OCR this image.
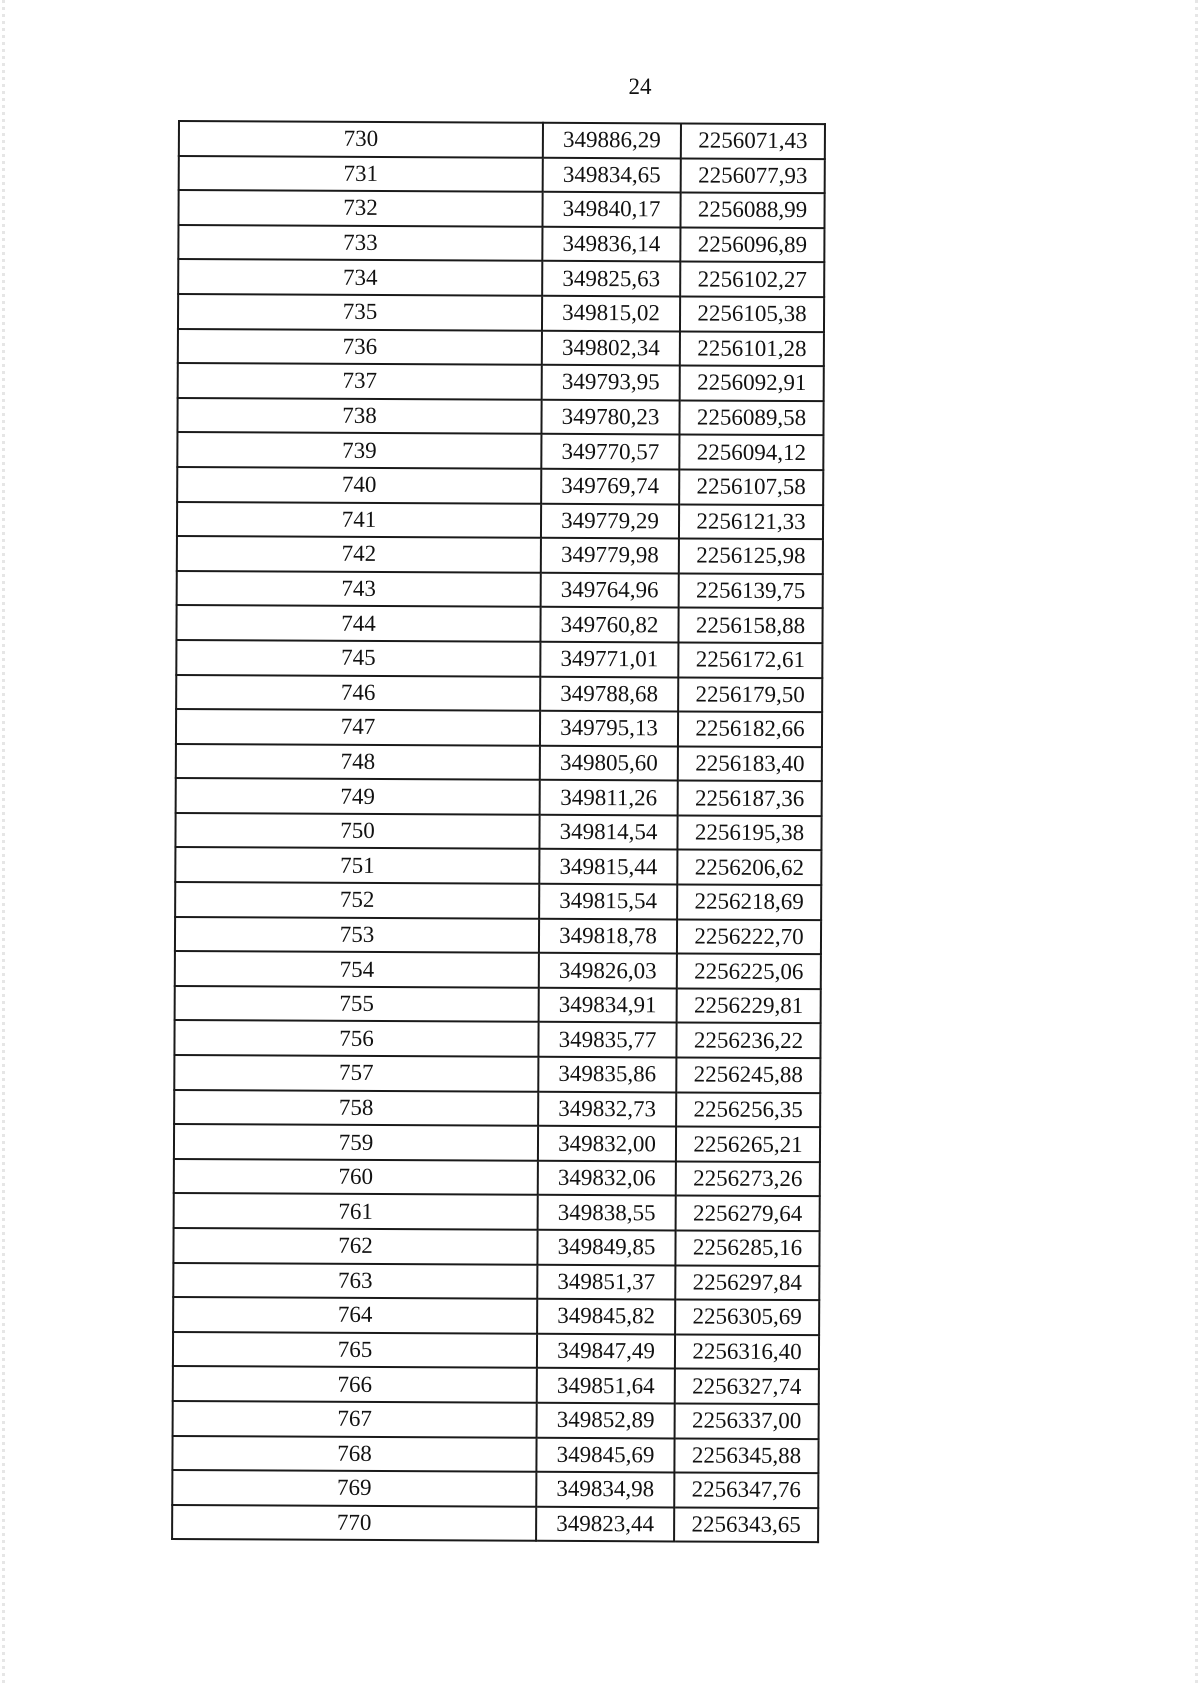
24
730	349886,29	2256071,43
731	349834,65	2256077,93
732	349840,17	2256088,99
733	349836,14	2256096,89
734	349825,63	2256102,27
735	349815,02	2256105,38
736	349802,34	2256101,28
737	349793,95	2256092,91
738	349780,23	2256089,58
739	349770,57	2256094,12
740	349769,74	2256107,58
741	349779,29	2256121,33
742	349779,98	2256125,98
743	349764,96	2256139,75
744	349760,82	2256158,88
745	349771,01	2256172,61
746	349788,68	2256179,50
747	349795,13	2256182,66
748	349805,60	2256183,40
749	349811,26	2256187,36
750	349814,54	2256195,38
751	349815,44	2256206,62
752	349815,54	2256218,69
753	349818,78	2256222,70
754	349826,03	2256225,06
755	349834,91	2256229,81
756	349835,77	2256236,22
757	349835,86	2256245,88
758	349832,73	2256256,35
759	349832,00	2256265,21
760	349832,06	2256273,26
761	349838,55	2256279,64
762	349849,85	2256285,16
763	349851,37	2256297,84
764	349845,82	2256305,69
765	349847,49	2256316,40
766	349851,64	2256327,74
767	349852,89	2256337,00
768	349845,69	2256345,88
769	349834,98	2256347,76
770	349823,44	2256343,65
